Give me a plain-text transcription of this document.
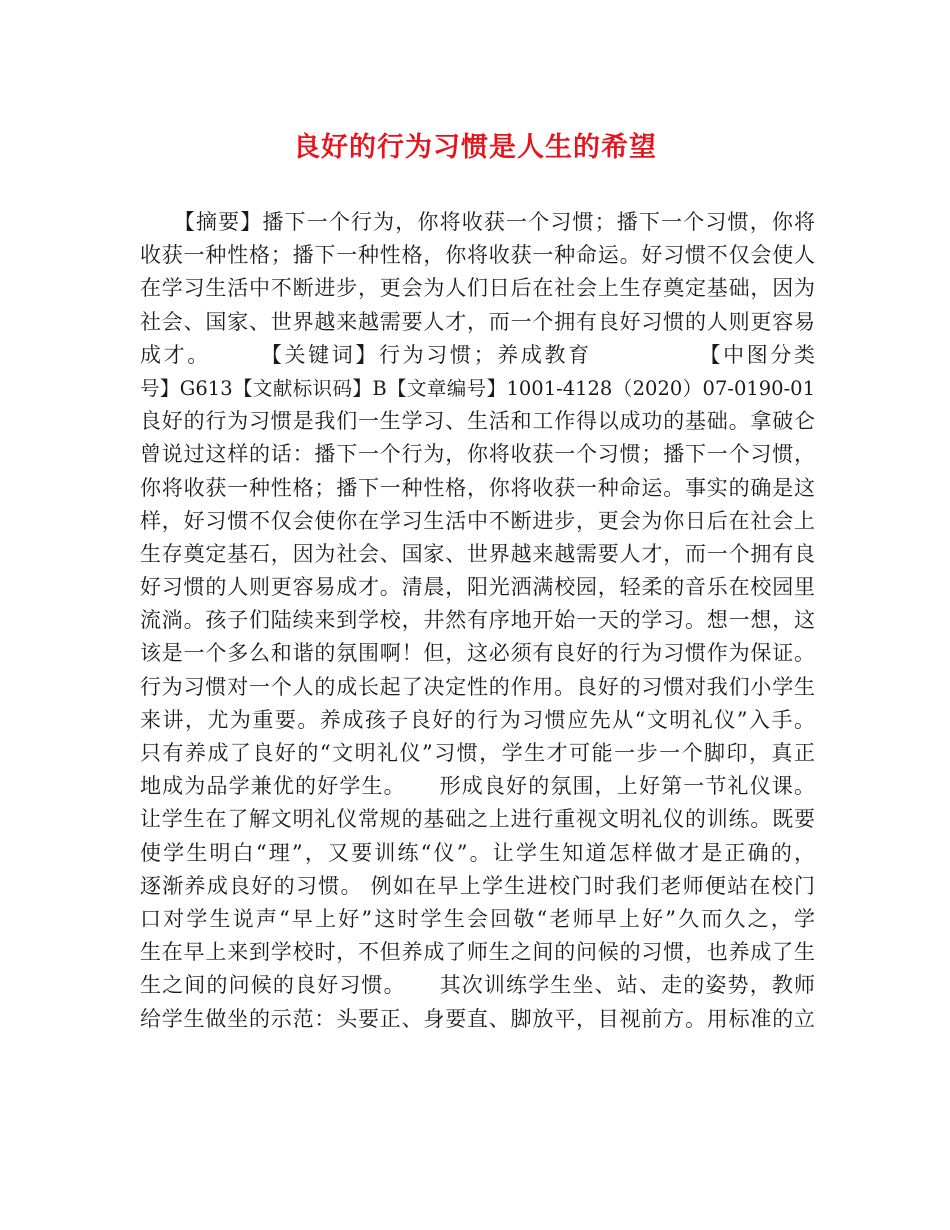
良好的行为习惯是人生的希望
　　【摘要】播下一个行为，你将收获一个习惯；播下一个习惯，你将
收获一种性格；播下一种性格，你将收获一种命运。好习惯不仅会使人
在学习生活中不断进步，更会为人们日后在社会上生存奠定基础，因为
社会、国家、世界越来越需要人才，而一个拥有良好习惯的人则更容易
成才。　　　【关键词】行为习惯；养成教育　　　　　【中图分类
号】G613【文献标识码】B【文章编号】1001-4128（2020）07-0190-01
良好的行为习惯是我们一生学习、生活和工作得以成功的基础。拿破仑
曾说过这样的话：播下一个行为，你将收获一个习惯；播下一个习惯，
你将收获一种性格；播下一种性格，你将收获一种命运。事实的确是这
样，好习惯不仅会使你在学习生活中不断进步，更会为你日后在社会上
生存奠定基石，因为社会、国家、世界越来越需要人才，而一个拥有良
好习惯的人则更容易成才。清晨，阳光洒满校园，轻柔的音乐在校园里
流淌。孩子们陆续来到学校，井然有序地开始一天的学习。想一想，这
该是一个多么和谐的氛围啊！但，这必须有良好的行为习惯作为保证。
行为习惯对一个人的成长起了决定性的作用。良好的习惯对我们小学生
来讲，尤为重要。养成孩子良好的行为习惯应先从“文明礼仪”入手。
只有养成了良好的“文明礼仪”习惯，学生才可能一步一个脚印，真正
地成为品学兼优的好学生。　　形成良好的氛围，上好第一节礼仪课。
让学生在了解文明礼仪常规的基础之上进行重视文明礼仪的训练。既要
使学生明白“理”，又要训练“仪”。让学生知道怎样做才是正确的，
逐渐养成良好的习惯。 例如在早上学生进校门时我们老师便站在校门
口对学生说声“早上好”这时学生会回敬“老师早上好”久而久之，学
生在早上来到学校时，不但养成了师生之间的问候的习惯，也养成了生
生之间的问候的良好习惯。　　其次训练学生坐、站、走的姿势，教师
给学生做坐的示范：头要正、身要直、脚放平，目视前方。用标准的立
